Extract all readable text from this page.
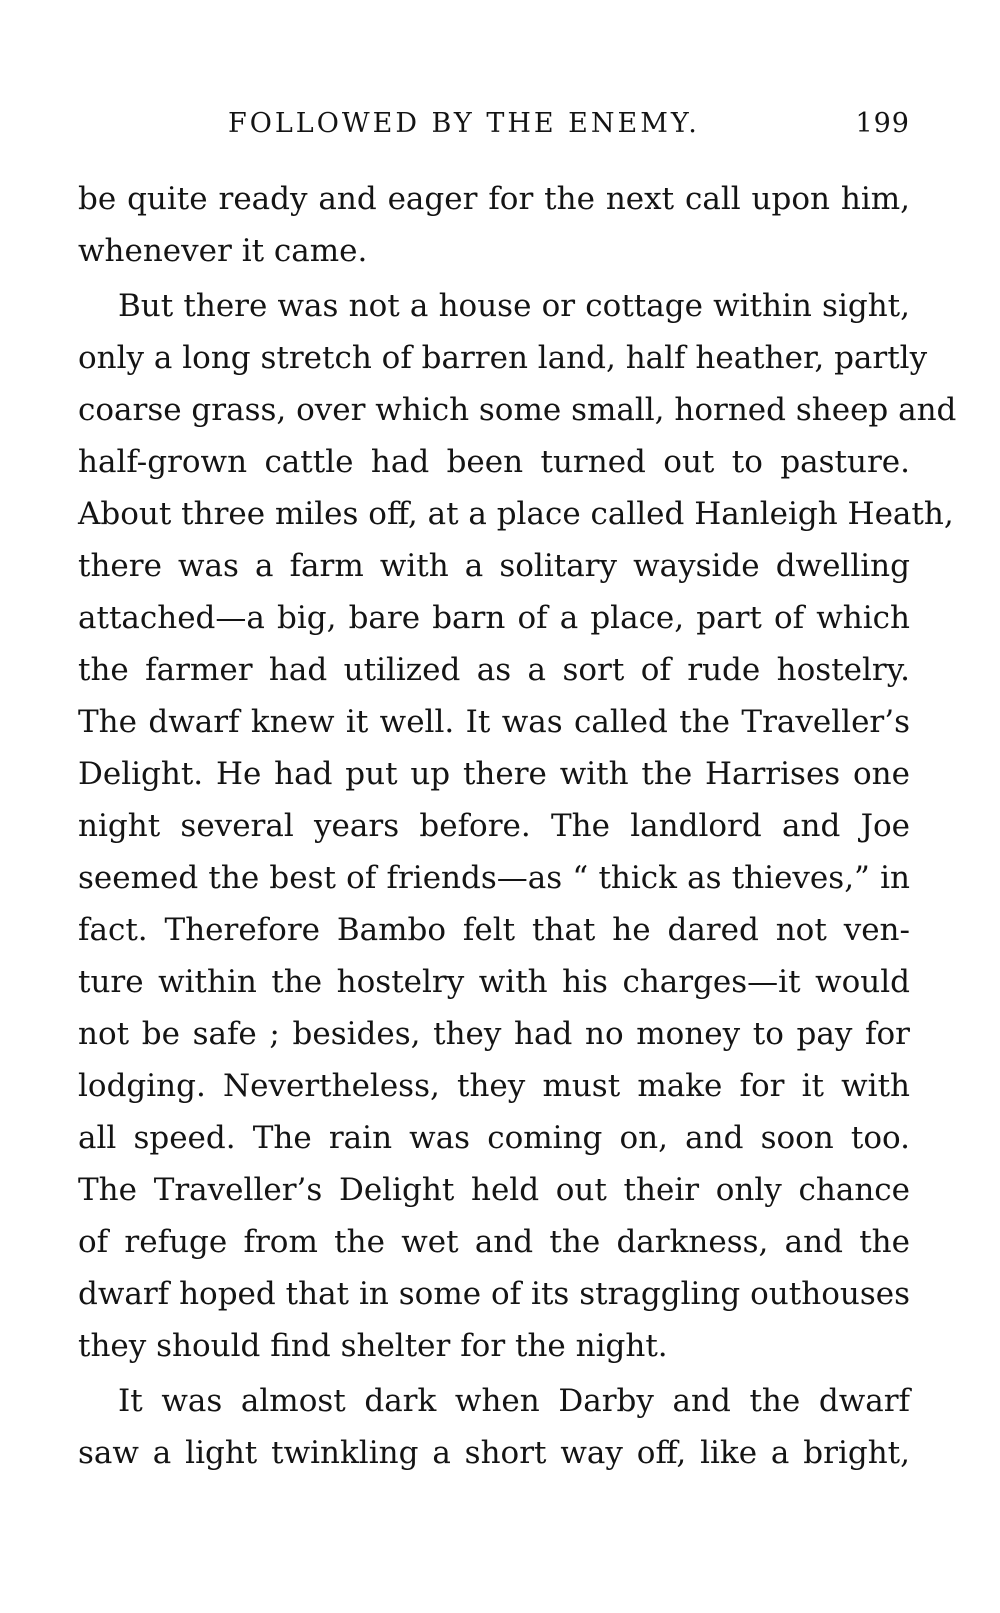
FOLLOWED BY THE ENEMY.	199
be quite ready and eager for the next call upon him,
whenever it came.
But there was not a house or cottage within sight,
only a long stretch of barren land, half heather, partly
coarse grass, over which some small, horned sheep and
half-grown cattle had been turned out to pasture.
About three miles off, at a place called Hanleigh Heath,
there was a farm with a solitary wayside dwelling
attached—a big, bare barn of a place, part of which
the farmer had utilized as a sort of rude hostelry.
The dwarf knew it well. It was called the Traveller’s
Delight. He had put up there with the Harrises one
night several years before. The landlord and Joe
seemed the best of friends—as “ thick as thieves,” in
fact. Therefore Bambo felt that he dared not ven-
ture within the hostelry with his charges—it would
not be safe ; besides, they had no money to pay for
lodging. Nevertheless, they must make for it with
all speed. The rain was coming on, and soon too.
The Traveller’s Delight held out their only chance
of refuge from the wet and the darkness, and the
dwarf hoped that in some of its straggling outhouses
they should find shelter for the night.
It was almost dark when Darby and the dwarf
saw a light twinkling a short way off, like a bright,
